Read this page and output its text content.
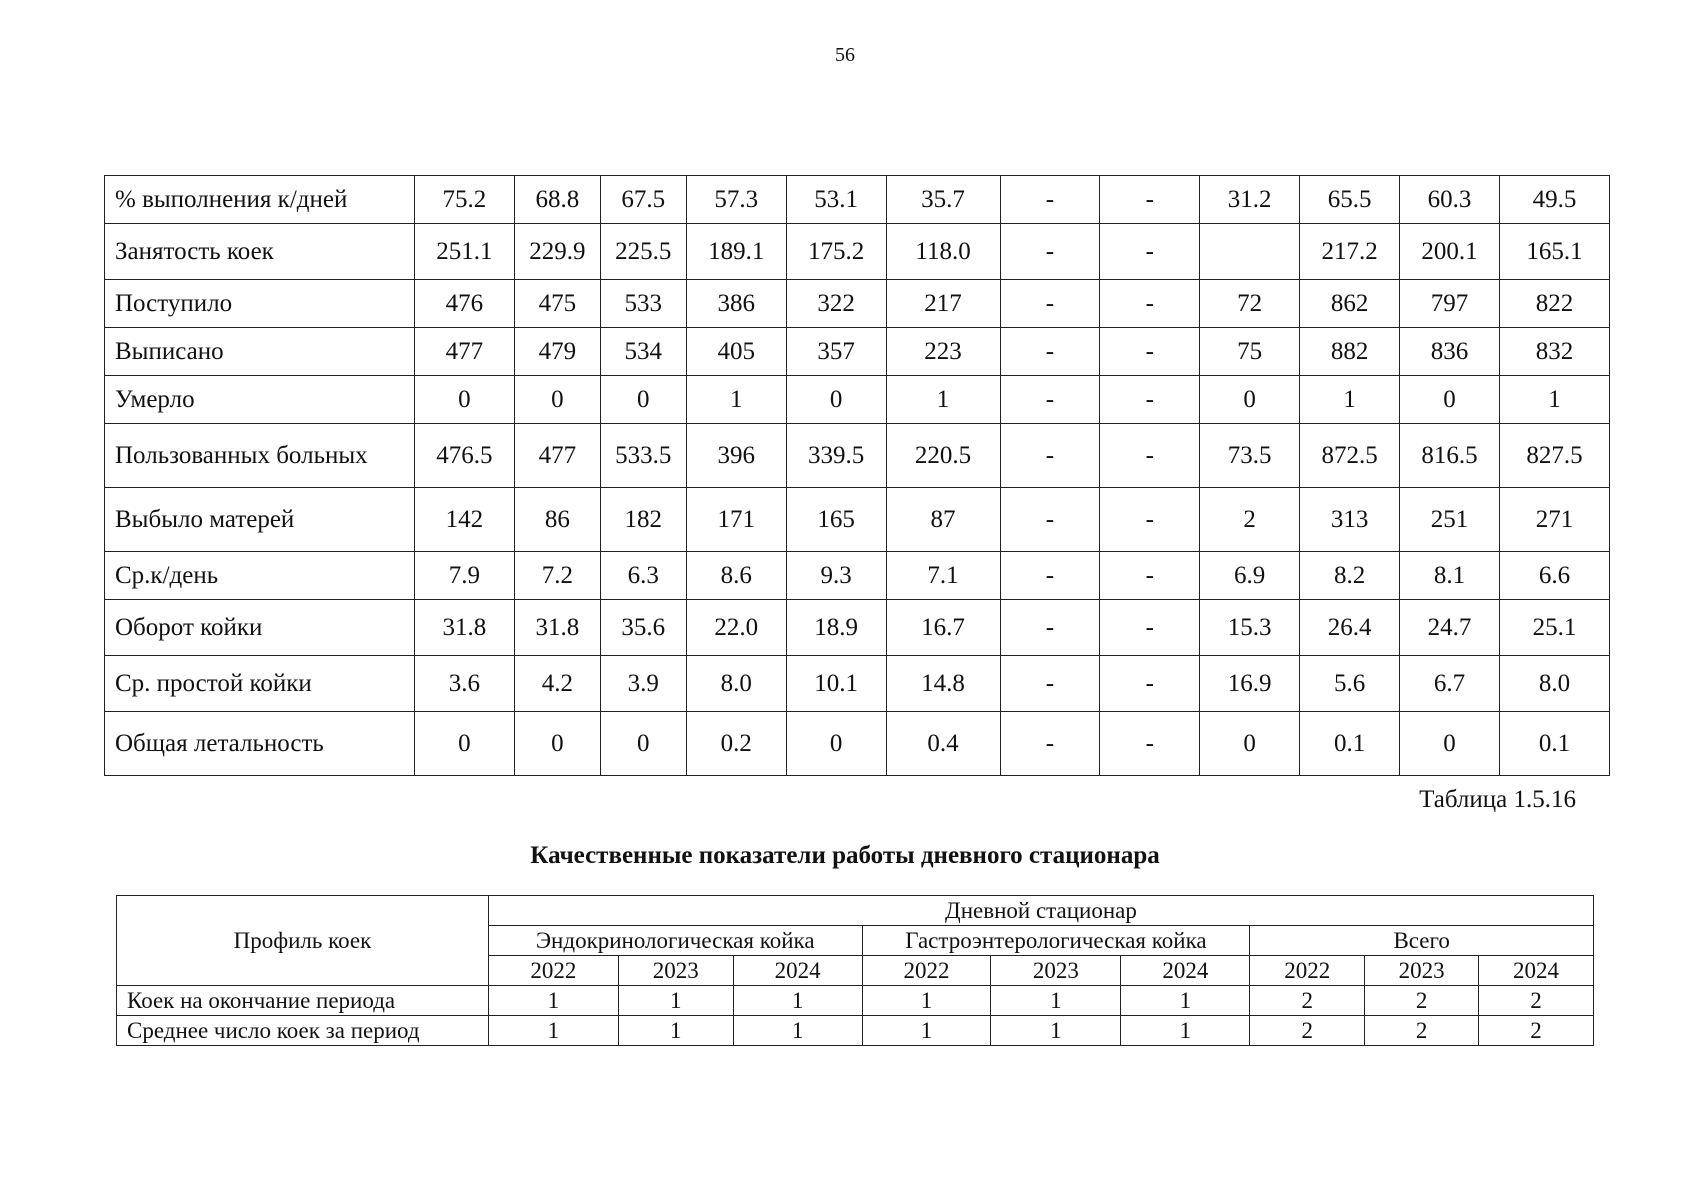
56
% выполнения к/дней	75.2	68.8	67.5	57.3	53.1	35.7	-	-	31.2	65.5	60.3	49.5
Занятость коек	251.1	229.9	225.5	189.1	175.2	118.0	-	-		217.2	200.1	165.1
Поступило	476	475	533	386	322	217	-	-	72	862	797	822
Выписано	477	479	534	405	357	223	-	-	75	882	836	832
Умерло	0	0	0	1	0	1	-	-	0	1	0	1
Пользованных больных	476.5	477	533.5	396	339.5	220.5	-	-	73.5	872.5	816.5	827.5
Выбыло матерей	142	86	182	171	165	87	-	-	2	313	251	271
Ср.к/день	7.9	7.2	6.3	8.6	9.3	7.1	-	-	6.9	8.2	8.1	6.6
Оборот койки	31.8	31.8	35.6	22.0	18.9	16.7	-	-	15.3	26.4	24.7	25.1
Ср. простой койки	3.6	4.2	3.9	8.0	10.1	14.8	-	-	16.9	5.6	6.7	8.0
Общая летальность	0	0	0	0.2	0	0.4	-	-	0	0.1	0	0.1
Таблица 1.5.16
Качественные показатели работы дневного стационара
Профиль коек	Дневной стационар								
	Эндокринологическая койка			Гастроэнтерологическая койка			Всего		
	2022	2023	2024	2022	2023	2024	2022	2023	2024
Коек на окончание периода	1	1	1	1	1	1	2	2	2
Среднее число коек за период	1	1	1	1	1	1	2	2	2
